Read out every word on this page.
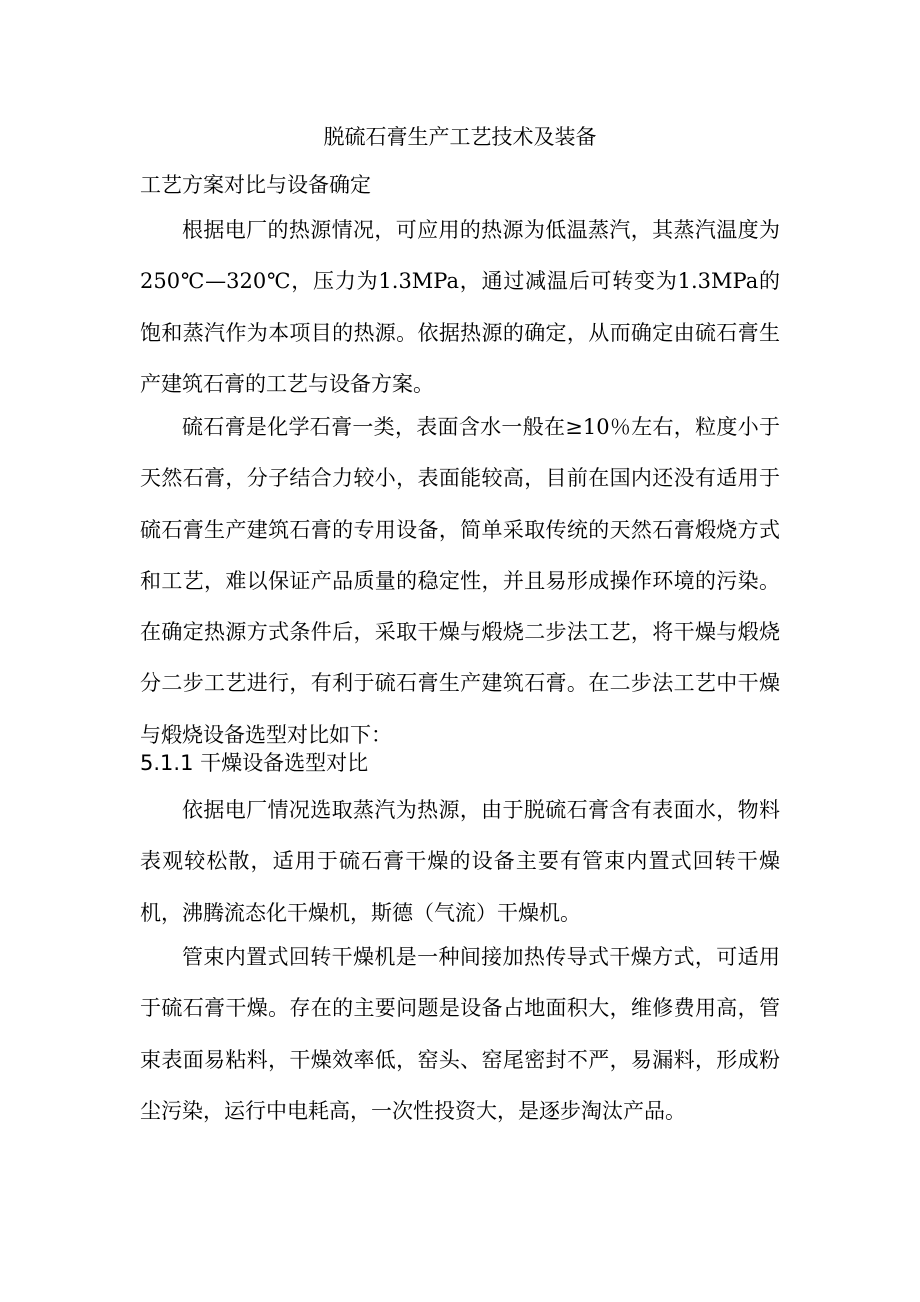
脱硫石膏生产工艺技术及装备
工艺方案对比与设备确定

根据电厂的热源情况，可应用的热源为低温蒸汽，其蒸汽温度为250℃—320℃，压力为1.3MPa，通过减温后可转变为1.3MPa的饱和蒸汽作为本项目的热源。依据热源的确定，从而确定由硫石膏生产建筑石膏的工艺与设备方案。

硫石膏是化学石膏一类，表面含水一般在≥10％左右，粒度小于天然石膏，分子结合力较小，表面能较高，目前在国内还没有适用于硫石膏生产建筑石膏的专用设备，简单采取传统的天然石膏煅烧方式和工艺，难以保证产品质量的稳定性，并且易形成操作环境的污染。在确定热源方式条件后，采取干燥与煅烧二步法工艺，将干燥与煅烧分二步工艺进行，有利于硫石膏生产建筑石膏。在二步法工艺中干燥与煅烧设备选型对比如下：

5.1.1 干燥设备选型对比

依据电厂情况选取蒸汽为热源，由于脱硫石膏含有表面水，物料表观较松散，适用于硫石膏干燥的设备主要有管束内置式回转干燥机，沸腾流态化干燥机，斯德（气流）干燥机。

管束内置式回转干燥机是一种间接加热传导式干燥方式，可适用于硫石膏干燥。存在的主要问题是设备占地面积大，维修费用高，管束表面易粘料，干燥效率低，窑头、窑尾密封不严，易漏料，形成粉尘污染，运行中电耗高，一次性投资大，是逐步淘汰产品。
